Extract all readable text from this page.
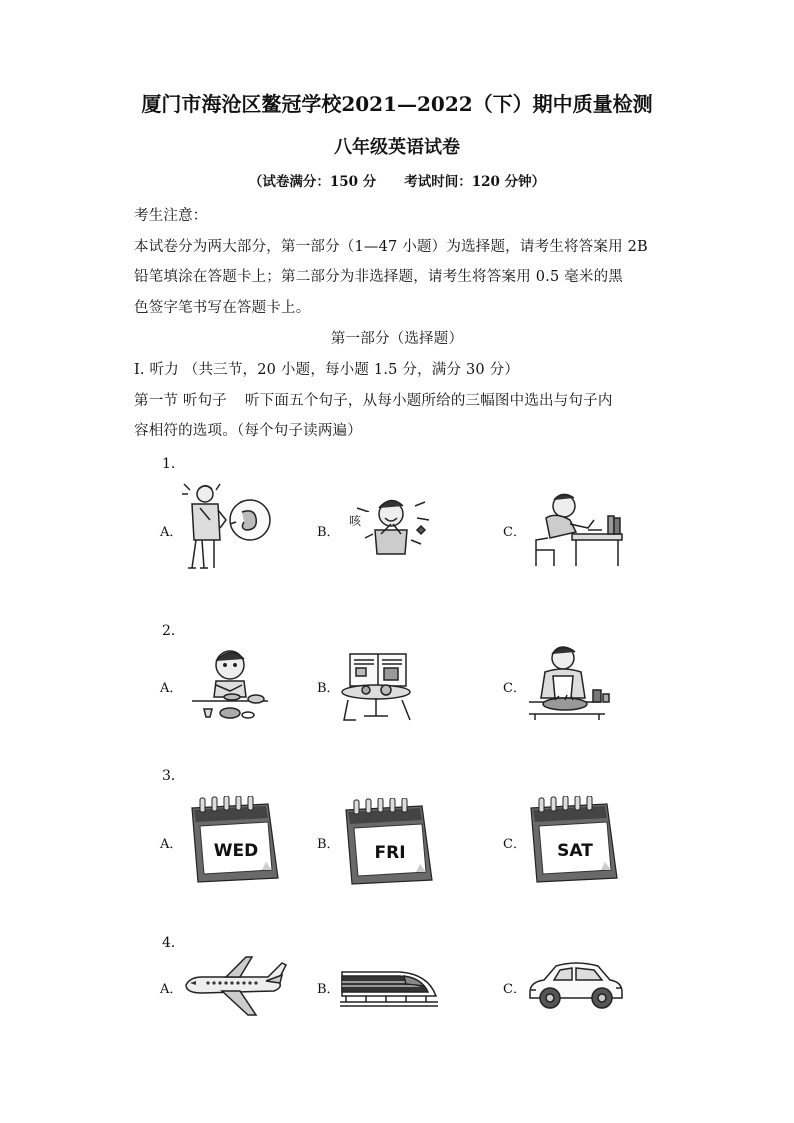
厦门市海沧区鳌冠学校2021—2022（下）期中质量检测
八年级英语试卷
（试卷满分：150 分 考试时间：120 分钟）
考生注意：
本试卷分为两大部分，第一部分（1—47 小题）为选择题，请考生将答案用 2B
铅笔填涂在答题卡上；第二部分为非选择题，请考生将答案用 0.5 毫米的黑
色签字笔书写在答题卡上。
第一部分（选择题）
I. 听力 （共三节，20 小题，每小题 1.5 分，满分 30 分）
第一节 听句子 听下面五个句子，从每小题所给的三幅图中选出与句子内
容相符的选项。（每个句子读两遍）
1．
A．	B．	C．
咳
2．
A．	B．	C．
3．
A．	B．	C．
WED	FRI	SAT
4．
A．	B．	C．
